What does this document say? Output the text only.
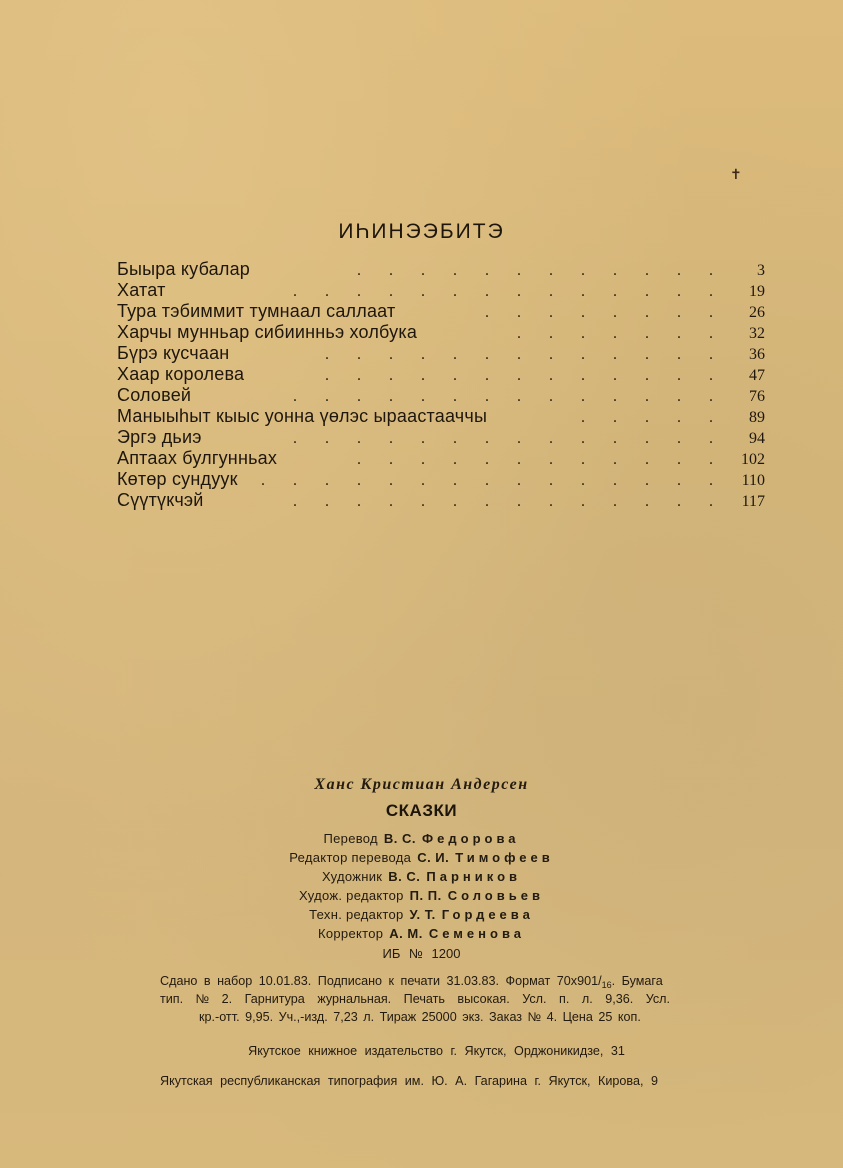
✝
ИҺИНЭЭБИТЭ
Быыра кубалар	. . . . . . . . . . . .	3
Хатат	. . . . . . . . . . . . . .	19
Тура тэбиммит тумнаал саллаат	. . . . . . . .	26
Харчы мунньар сибиинньэ холбука	. . . . . . .	32
Бүрэ кусчаан	. . . . . . . . . . . . .	36
Хаар королева	. . . . . . . . . . . . .	47
Соловей	. . . . . . . . . . . . . .	76
Маныыһыт кыыс уонна үөлэс ыраастааччы	. . . . .	89
Эргэ дьиэ	. . . . . . . . . . . . . .	94
Аптаах булгунньах	. . . . . . . . . . . .	102
Көтөр сундуук	. . . . . . . . . . . . . . .	110
Сүүтүкчэй	. . . . . . . . . . . . . .	117
Ханс Кристиан Андерсен
СКАЗКИ
Перевод В. С. Федорова
Редактор перевода С. И. Тимофеев
Художник В. С. Парников
Худож. редактор П. П. Соловьев
Техн. редактор У. Т. Гордеева
Корректор А. М. Семенова
ИБ № 1200
Сдано в набор 10.01.83. Подписано к печати 31.03.83. Формат $70х901/_{16}$. Бумага
тип. № 2. Гарнитура журнальная. Печать высокая. Усл. п. л. 9,36. Усл.
кр.-отт. 9,95. Уч.,-изд. 7,23 л. Тираж 25000 экз. Заказ № 4. Цена 25 коп.
Якутское книжное издательство г. Якутск, Орджоникидзе, 31
Якутская республиканская типография им. Ю. А. Гагарина г. Якутск, Кирова, 9
